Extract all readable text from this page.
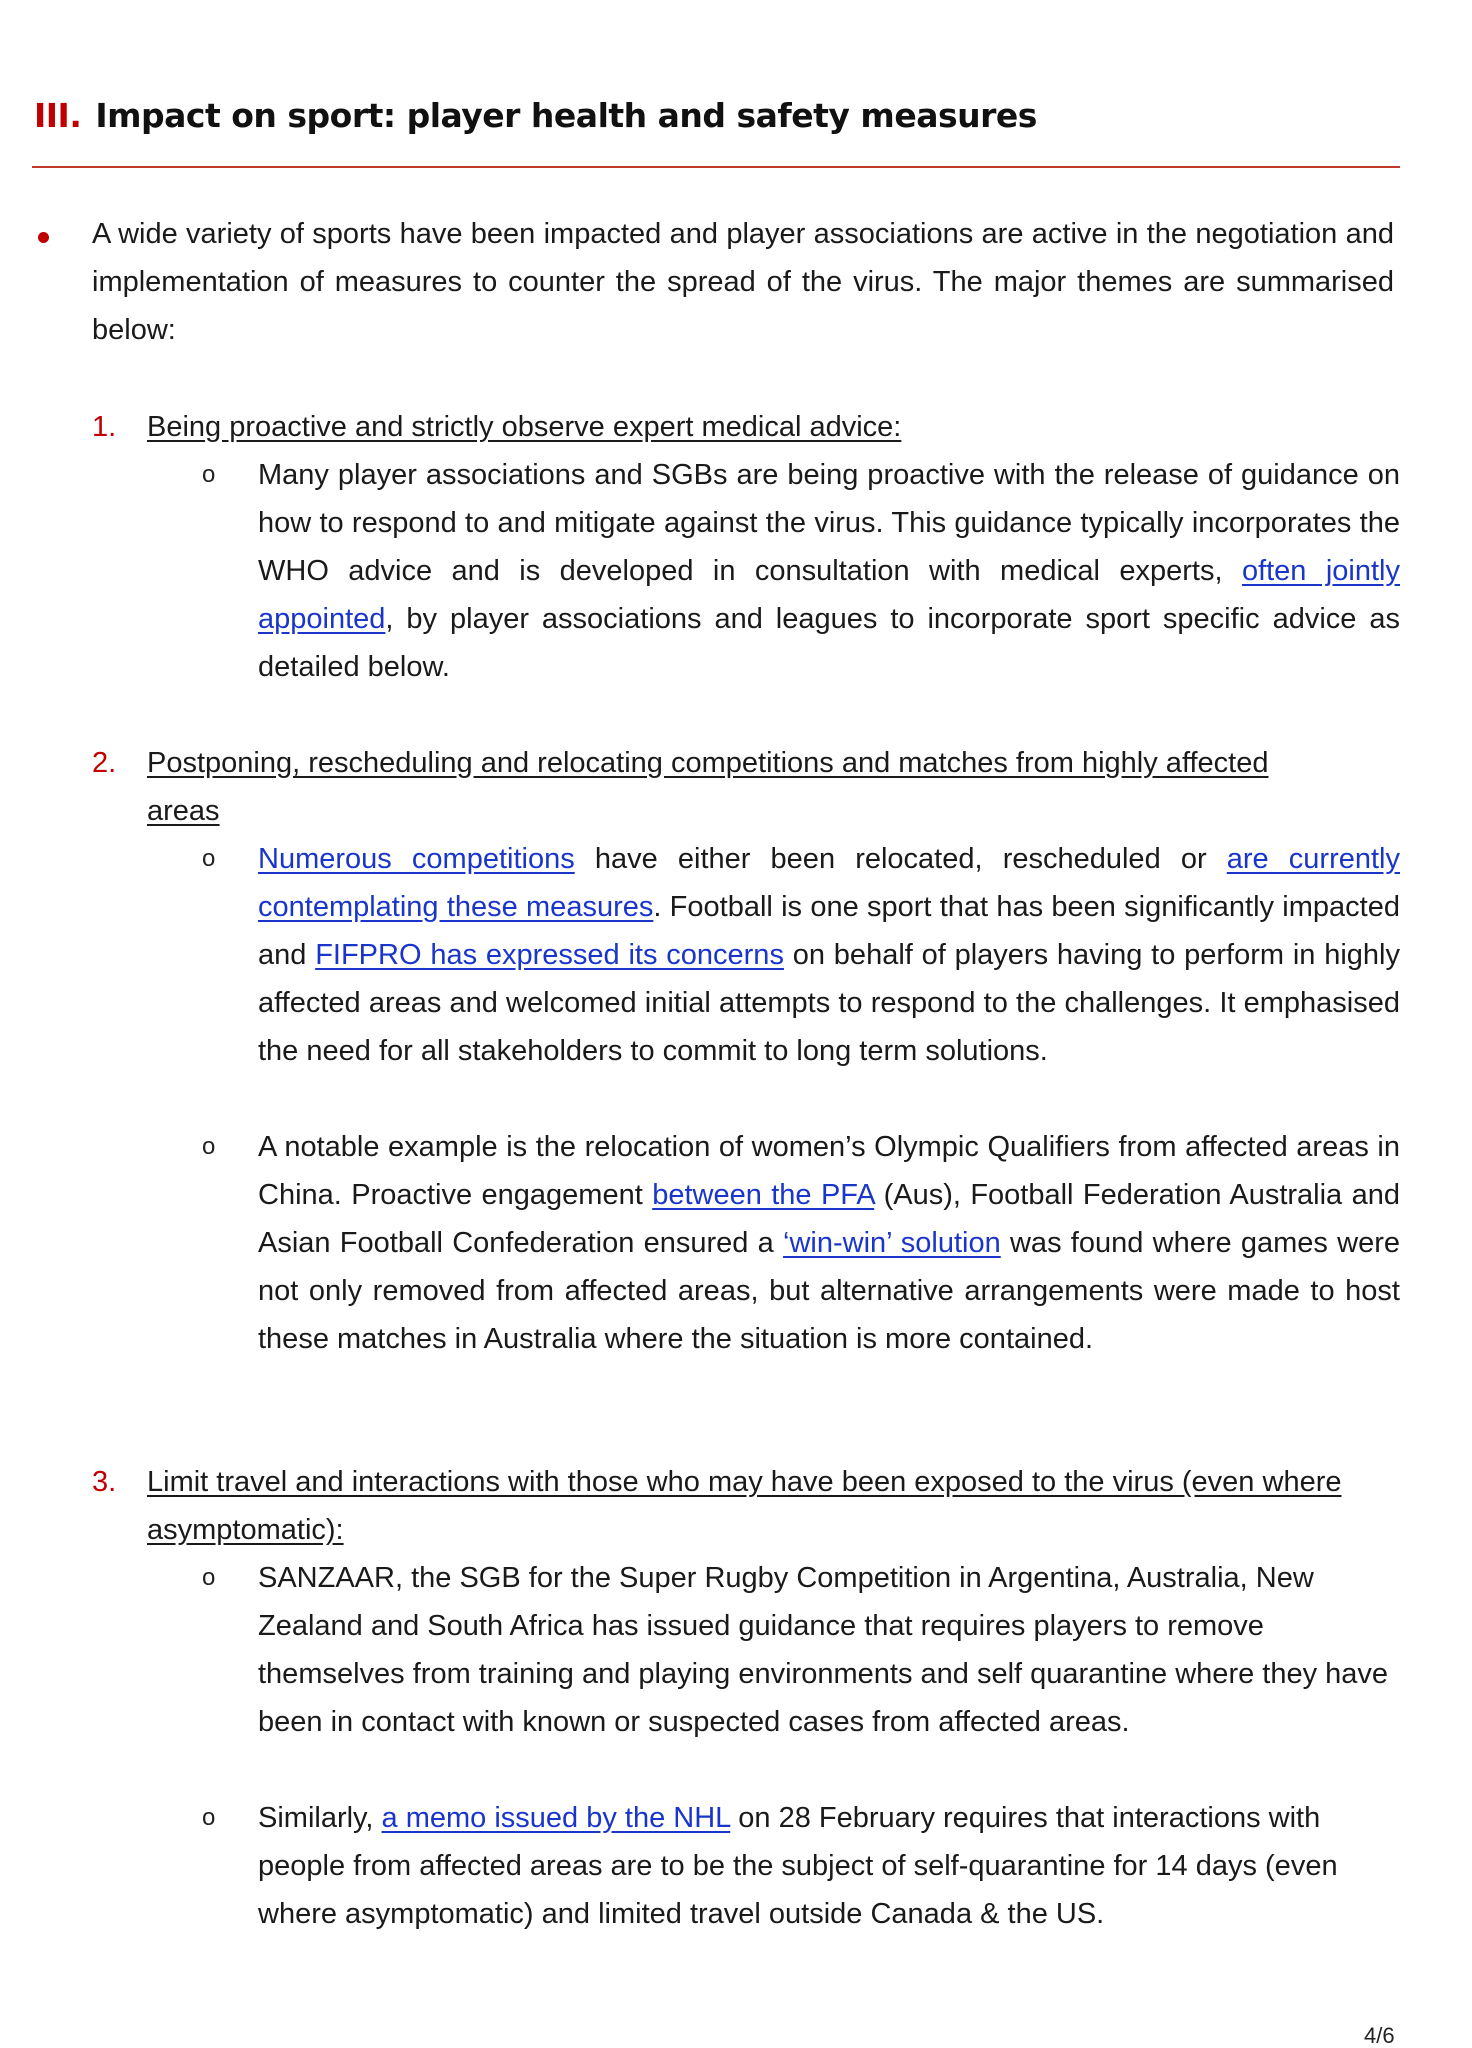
III. Impact on sport: player health and safety measures
A wide variety of sports have been impacted and player associations are active in the negotiation and implementation of measures to counter the spread of the virus. The major themes are summarised below:
1. Being proactive and strictly observe expert medical advice:
o Many player associations and SGBs are being proactive with the release of guidance on how to respond to and mitigate against the virus. This guidance typically incorporates the WHO advice and is developed in consultation with medical experts, often jointly appointed, by player associations and leagues to incorporate sport specific advice as detailed below.
2. Postponing, rescheduling and relocating competitions and matches from highly affected areas
o Numerous competitions have either been relocated, rescheduled or are currently contemplating these measures. Football is one sport that has been significantly impacted and FIFPRO has expressed its concerns on behalf of players having to perform in highly affected areas and welcomed initial attempts to respond to the challenges. It emphasised the need for all stakeholders to commit to long term solutions.
o A notable example is the relocation of women’s Olympic Qualifiers from affected areas in China. Proactive engagement between the PFA (Aus), Football Federation Australia and Asian Football Confederation ensured a ‘win-win’ solution was found where games were not only removed from affected areas, but alternative arrangements were made to host these matches in Australia where the situation is more contained.
3. Limit travel and interactions with those who may have been exposed to the virus (even where asymptomatic):
o SANZAAR, the SGB for the Super Rugby Competition in Argentina, Australia, New Zealand and South Africa has issued guidance that requires players to remove themselves from training and playing environments and self quarantine where they have been in contact with known or suspected cases from affected areas.
o Similarly, a memo issued by the NHL on 28 February requires that interactions with people from affected areas are to be the subject of self-quarantine for 14 days (even where asymptomatic) and limited travel outside Canada & the US.
4/6
